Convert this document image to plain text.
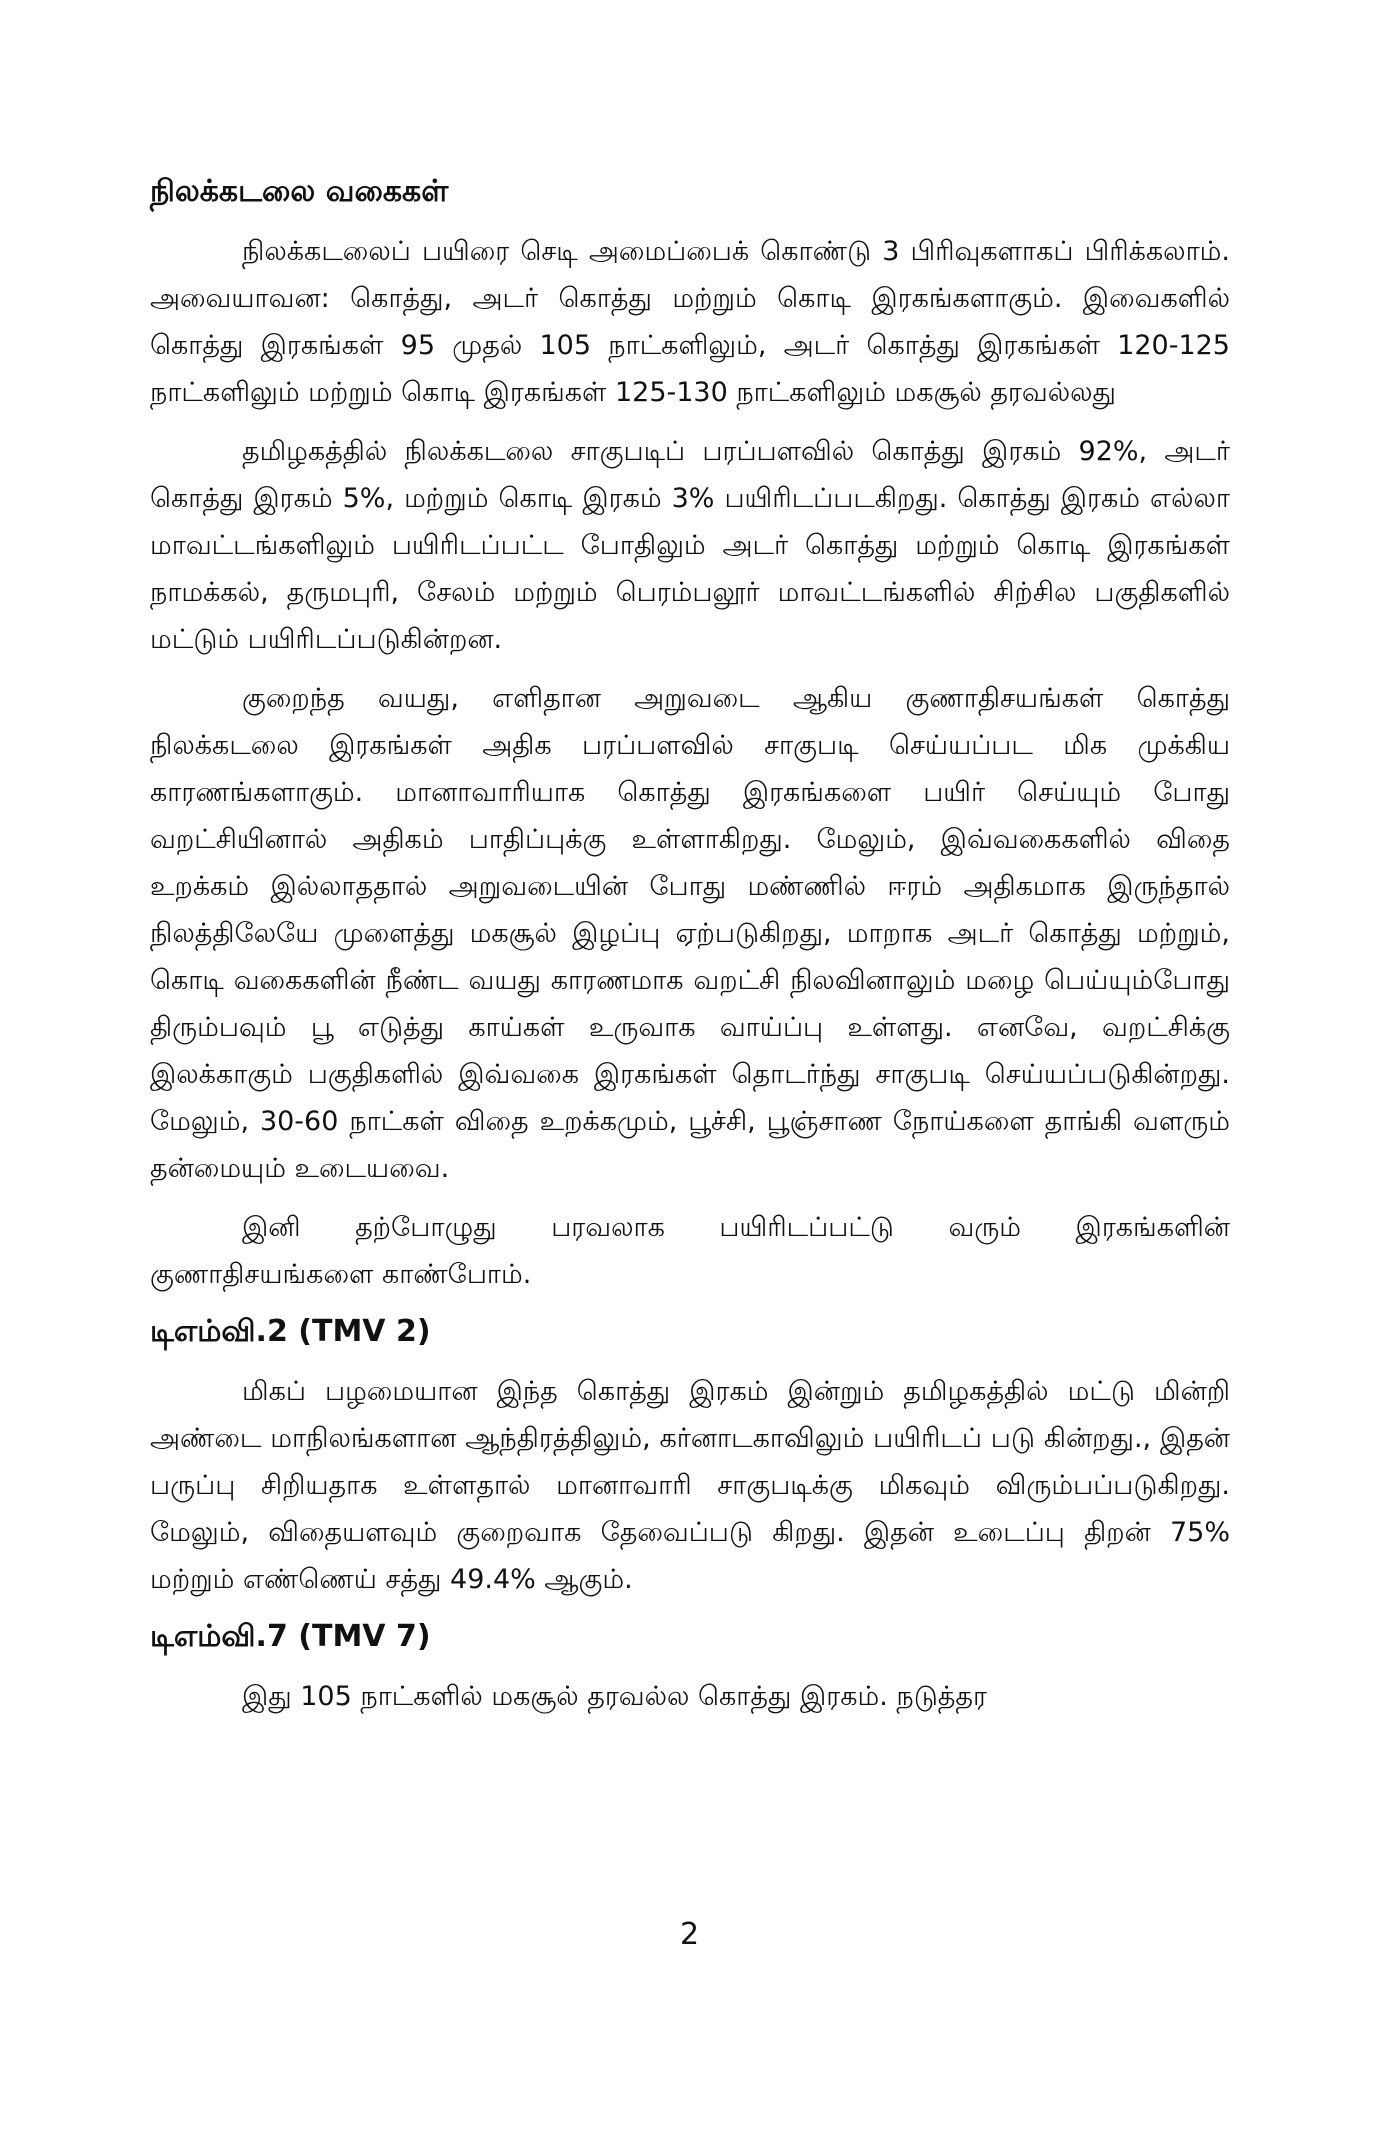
நிலக்கடலை வகைகள்

நிலக்கடலைப் பயிரை செடி அமைப்பைக் கொண்டு 3 பிரிவுகளாகப் பிரிக்கலாம். அவையாவன: கொத்து, அடர் கொத்து மற்றும் கொடி இரகங்களாகும். இவைகளில் கொத்து இரகங்கள் 95 முதல் 105 நாட்களிலும், அடர் கொத்து இரகங்கள் 120-125 நாட்களிலும் மற்றும் கொடி இரகங்கள் 125-130 நாட்களிலும் மகசூல் தரவல்லது

தமிழகத்தில் நிலக்கடலை சாகுபடிப் பரப்பளவில் கொத்து இரகம் 92%, அடர் கொத்து இரகம் 5%, மற்றும் கொடி இரகம் 3% பயிரிடப்படகிறது. கொத்து இரகம் எல்லா மாவட்டங்களிலும் பயிரிடப்பட்ட போதிலும் அடர் கொத்து மற்றும் கொடி இரகங்கள் நாமக்கல், தருமபுரி, சேலம் மற்றும் பெரம்பலூர் மாவட்டங்களில் சிற்சில பகுதிகளில் மட்டும் பயிரிடப்படுகின்றன.

குறைந்த வயது, எளிதான அறுவடை ஆகிய குணாதிசயங்கள் கொத்து நிலக்கடலை இரகங்கள் அதிக பரப்பளவில் சாகுபடி செய்யப்பட மிக முக்கிய காரணங்களாகும். மானாவாரியாக கொத்து இரகங்களை பயிர் செய்யும் போது வறட்சியினால் அதிகம் பாதிப்புக்கு உள்ளாகிறது. மேலும், இவ்வகைகளில் விதை உறக்கம் இல்லாததால் அறுவடையின் போது மண்ணில் ஈரம் அதிகமாக இருந்தால் நிலத்திலேயே முளைத்து மகசூல் இழப்பு ஏற்படுகிறது, மாறாக அடர் கொத்து மற்றும், கொடி வகைகளின் நீண்ட வயது காரணமாக வறட்சி நிலவினாலும் மழை பெய்யும்போது திரும்பவும் பூ எடுத்து காய்கள் உருவாக வாய்ப்பு உள்ளது. எனவே, வறட்சிக்கு இலக்காகும் பகுதிகளில் இவ்வகை இரகங்கள் தொடர்ந்து சாகுபடி செய்யப்படுகின்றது. மேலும், 30-60 நாட்கள் விதை உறக்கமும், பூச்சி, பூஞ்சாண நோய்களை தாங்கி வளரும் தன்மையும் உடையவை.

இனி தற்போழுது பரவலாக பயிரிடப்பட்டு வரும் இரகங்களின் குணாதிசயங்களை காண்போம்.

டிஎம்வி.2 (TMV 2)

மிகப் பழமையான இந்த கொத்து இரகம் இன்றும் தமிழகத்தில் மட்டு மின்றி அண்டை மாநிலங்களான ஆந்திரத்திலும், கர்னாடகாவிலும் பயிரிடப் படு கின்றது., இதன் பருப்பு சிறியதாக உள்ளதால் மானாவாரி சாகுபடிக்கு மிகவும் விரும்பப்படுகிறது. மேலும், விதையளவும் குறைவாக தேவைப்படு கிறது. இதன் உடைப்பு திறன் 75% மற்றும் எண்ணெய் சத்து 49.4% ஆகும்.

டிஎம்வி.7 (TMV 7)

இது 105 நாட்களில் மகசூல் தரவல்ல கொத்து இரகம். நடுத்தர

2
